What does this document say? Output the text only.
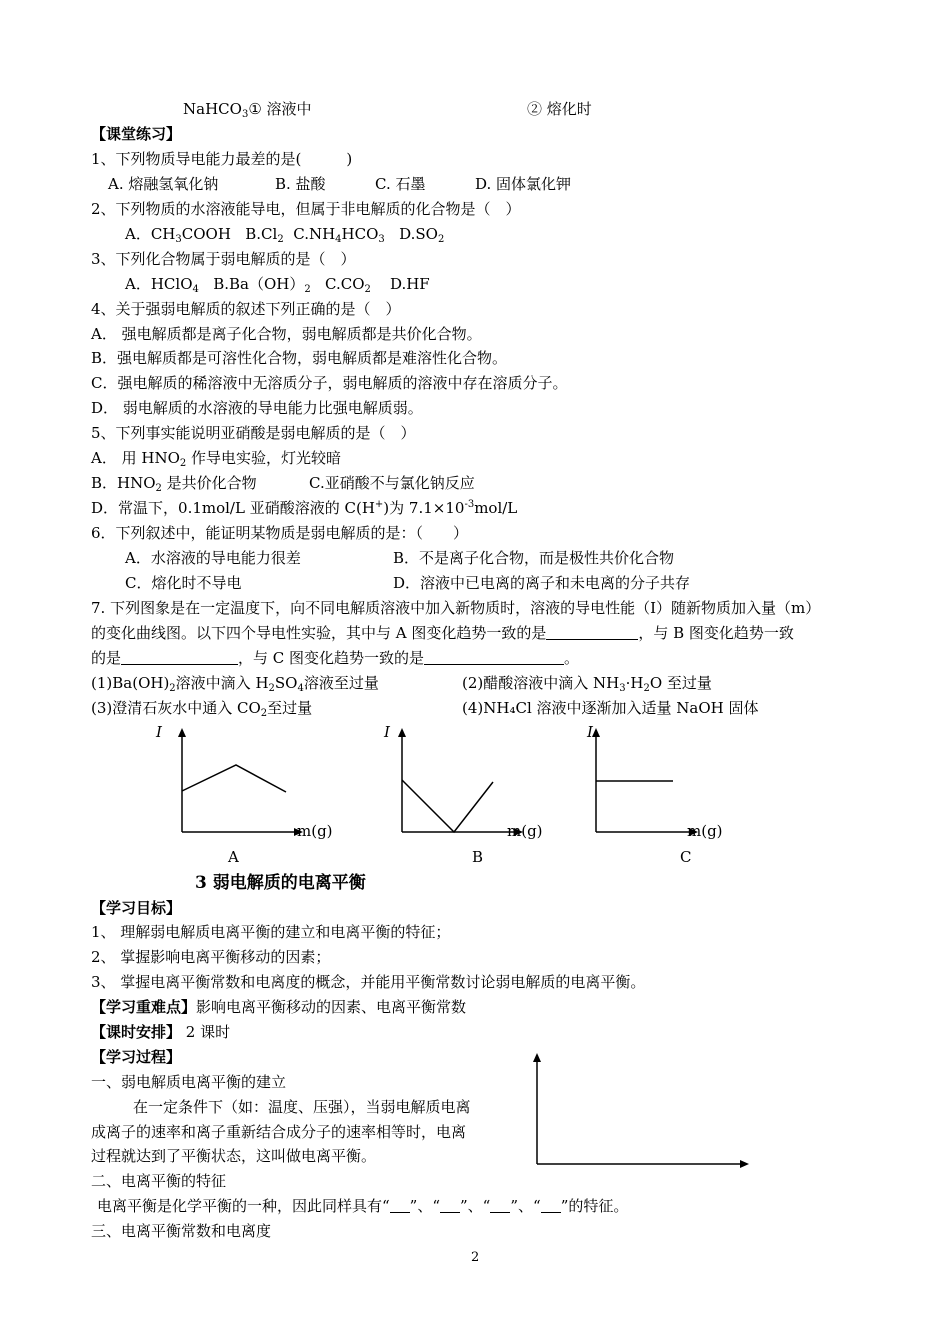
NaHCO$_3$① 溶液中	② 熔化时
【课堂练习】
1、下列物质导电能力最差的是(　　　)
A. 熔融氢氧化钠	B. 盐酸	C. 石墨	D. 固体氯化钾
2、下列物质的水溶液能导电，但属于非电解质的化合物是（　）
A．$CH_3COOH$ $B.Cl_2$ $C.NH_4HCO_3$ $D.SO_2$
3、下列化合物属于弱电解质的是（　）
A．HClO$_4$ $B.Ba(OH)_2$ $C.CO_2$ D.HF
4、关于强弱电解质的叙述下列正确的是（　）
A． 强电解质都是离子化合物，弱电解质都是共价化合物。
B．强电解质都是可溶性化合物，弱电解质都是难溶性化合物。
C．强电解质的稀溶液中无溶质分子，弱电解质的溶液中存在溶质分子。
D． 弱电解质的水溶液的导电能力比强电解质弱。
5、下列事实能说明亚硝酸是弱电解质的是（　）
A． 用 $HNO_2$ 作导电实验，灯光较暗
B．$HNO_2$ 是共价化合物	C.亚硝酸不与氯化钠反应
D．常温下，0.1mol/L 亚硝酸溶液的 C(H+)为 $7.1\times 10^{-3}mol/L$
6．下列叙述中，能证明某物质是弱电解质的是：（　　）
A．水溶液的导电能力很差	B．不是离子化合物，而是极性共价化合物
C．熔化时不导电	D．溶液中已电离的离子和未电离的分子共存
7. 下列图象是在一定温度下，向不同电解质溶液中加入新物质时，溶液的导电性能（I）随新物质加入量（m）
的变化曲线图。以下四个导电性实验，其中与 A 图变化趋势一致的是	，与 B 图变化趋势一致
的是	，与 C 图变化趋势一致的是	。
$(1)Ba(OH)_2$溶液中滴入 $H_2SO_4$溶液至过量	(2)醋酸溶液中滴入 $NH_3\cdot H_2O$ 至过量
(3)澄清石灰水中通入 $CO_2$至过量	(4)NH₄Cl 溶液中逐渐加入适量 NaOH 固体
I
m(g)
A
I
m(g)
B
I
m(g)
C
3 弱电解质的电离平衡
【学习目标】
1、 理解弱电解质电离平衡的建立和电离平衡的特征；
2、 掌握影响电离平衡移动的因素；
3、 掌握电离平衡常数和电离度的概念，并能用平衡常数讨论弱电解质的电离平衡。
【学习重难点】影响电离平衡移动的因素、电离平衡常数
【课时安排】 2 课时
【学习过程】
一、弱电解质电离平衡的建立
在一定条件下（如：温度、压强），当弱电解质电离
成离子的速率和离子重新结合成分子的速率相等时，电离
过程就达到了平衡状态，这叫做电离平衡。
二、电离平衡的特征
电离平衡是化学平衡的一种，因此同样具有“ ”、“ ”、“ ”、“ ”的特征。
三、电离平衡常数和电离度
2
